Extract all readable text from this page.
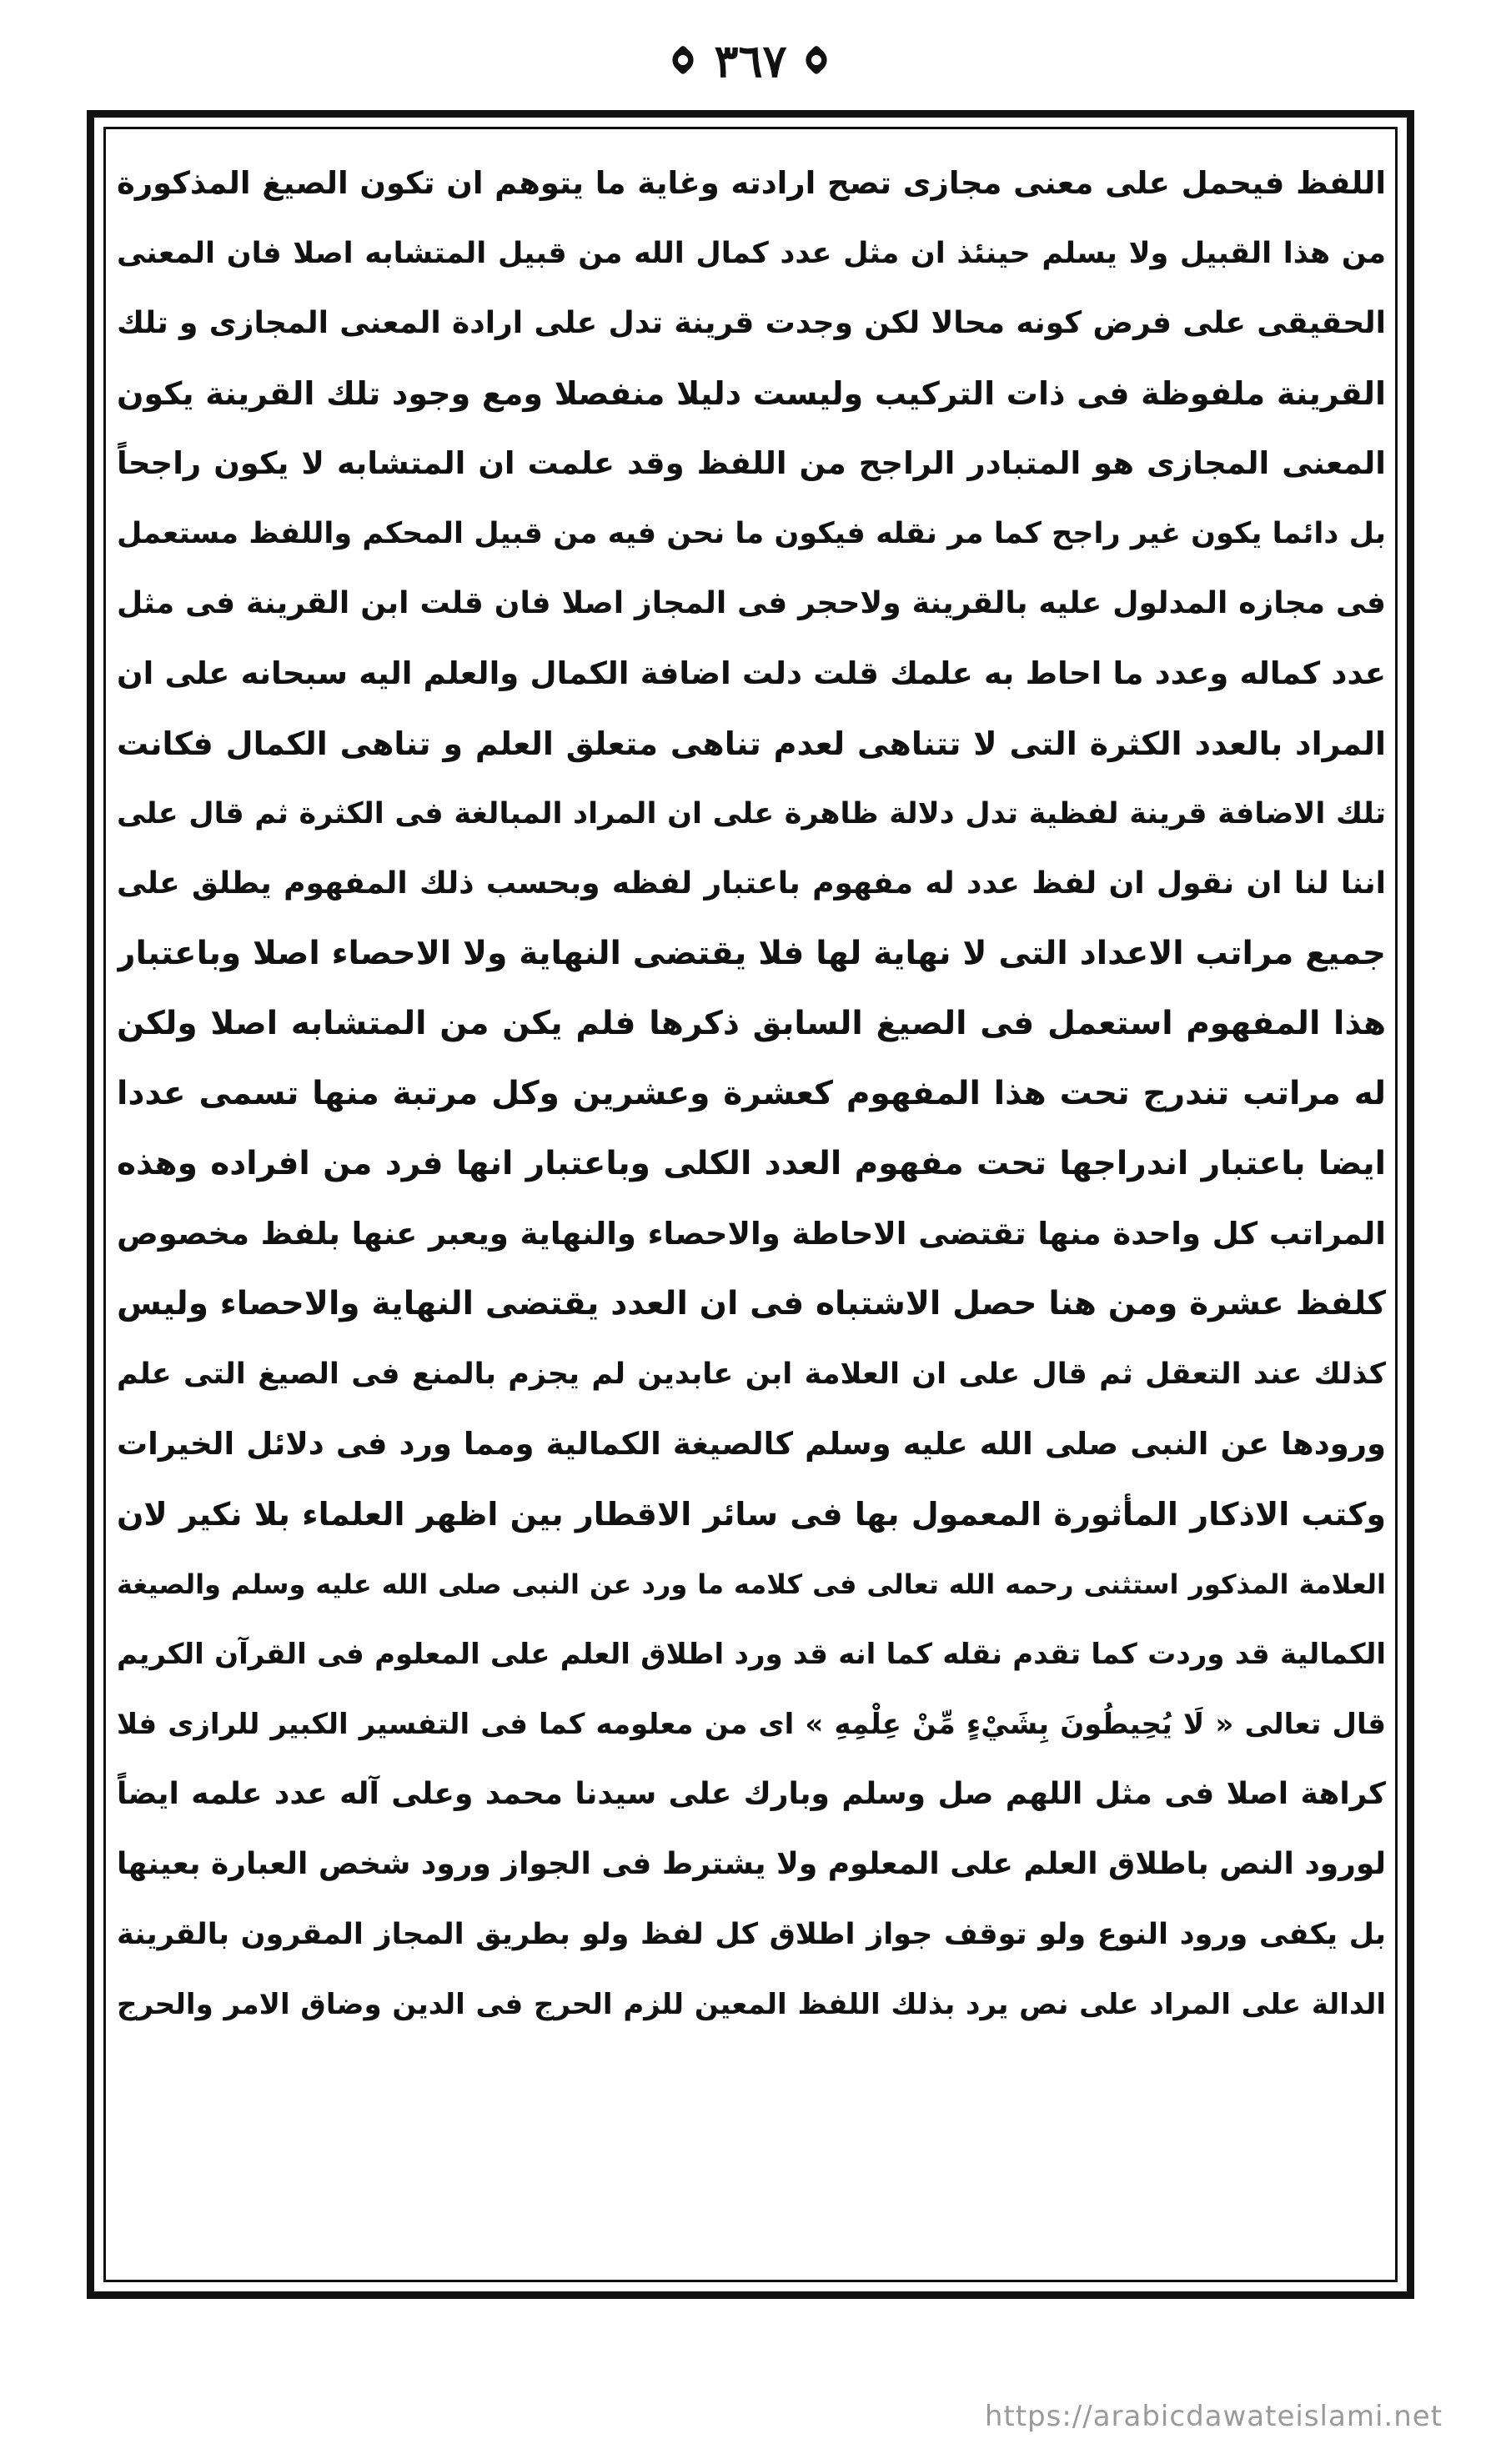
٣٦٧
اللفظ فيحمل على معنى مجازى تصح ارادته وغاية ما يتوهم ان تكون الصيغ المذكورة
من هذا القبيل ولا يسلم حينئذ ان مثل عدد كمال الله من قبيل المتشابه اصلا فان المعنى
الحقيقى على فرض كونه محالا لكن وجدت قرينة تدل على ارادة المعنى المجازى و تلك
القرينة ملفوظة فى ذات التركيب وليست دليلا منفصلا ومع وجود تلك القرينة يكون
المعنى المجازى هو المتبادر الراجح من اللفظ وقد علمت ان المتشابه لا يكون راجحاً
بل دائما يكون غير راجح كما مر نقله فيكون ما نحن فيه من قبيل المحكم واللفظ مستعمل
فى مجازه المدلول عليه بالقرينة ولاحجر فى المجاز اصلا فان قلت ابن القرينة فى مثل
عدد كماله وعدد ما احاط به علمك قلت دلت اضافة الكمال والعلم اليه سبحانه على ان
المراد بالعدد الكثرة التى لا تتناهى لعدم تناهى متعلق العلم و تناهى الكمال فكانت
تلك الاضافة قرينة لفظية تدل دلالة ظاهرة على ان المراد المبالغة فى الكثرة ثم قال على
اننا لنا ان نقول ان لفظ عدد له مفهوم باعتبار لفظه وبحسب ذلك المفهوم يطلق على
جميع مراتب الاعداد التى لا نهاية لها فلا يقتضى النهاية ولا الاحصاء اصلا وباعتبار
هذا المفهوم استعمل فى الصيغ السابق ذكرها فلم يكن من المتشابه اصلا ولكن
له مراتب تندرج تحت هذا المفهوم كعشرة وعشرين وكل مرتبة منها تسمى عددا
ايضا باعتبار اندراجها تحت مفهوم العدد الكلى وباعتبار انها فرد من افراده وهذه
المراتب كل واحدة منها تقتضى الاحاطة والاحصاء والنهاية ويعبر عنها بلفظ مخصوص
كلفظ عشرة ومن هنا حصل الاشتباه فى ان العدد يقتضى النهاية والاحصاء وليس
كذلك عند التعقل ثم قال على ان العلامة ابن عابدين لم يجزم بالمنع فى الصيغ التى علم
ورودها عن النبى صلى الله عليه وسلم كالصيغة الكمالية ومما ورد فى دلائل الخيرات
وكتب الاذكار المأثورة المعمول بها فى سائر الاقطار بين اظهر العلماء بلا نكير لان
العلامة المذكور استثنى رحمه الله تعالى فى كلامه ما ورد عن النبى صلى الله عليه وسلم والصيغة
الكمالية قد وردت كما تقدم نقله كما انه قد ورد اطلاق العلم على المعلوم فى القرآن الكريم
قال تعالى « لَا يُحِيطُونَ بِشَيْءٍ مِّنْ عِلْمِهِ » اى من معلومه كما فى التفسير الكبير للرازى فلا
كراهة اصلا فى مثل اللهم صل وسلم وبارك على سيدنا محمد وعلى آله عدد علمه ايضاً
لورود النص باطلاق العلم على المعلوم ولا يشترط فى الجواز ورود شخص العبارة بعينها
بل يكفى ورود النوع ولو توقف جواز اطلاق كل لفظ ولو بطريق المجاز المقرون بالقرينة
الدالة على المراد على نص يرد بذلك اللفظ المعين للزم الحرج فى الدين وضاق الامر والحرج
https://arabicdawateislami.net
